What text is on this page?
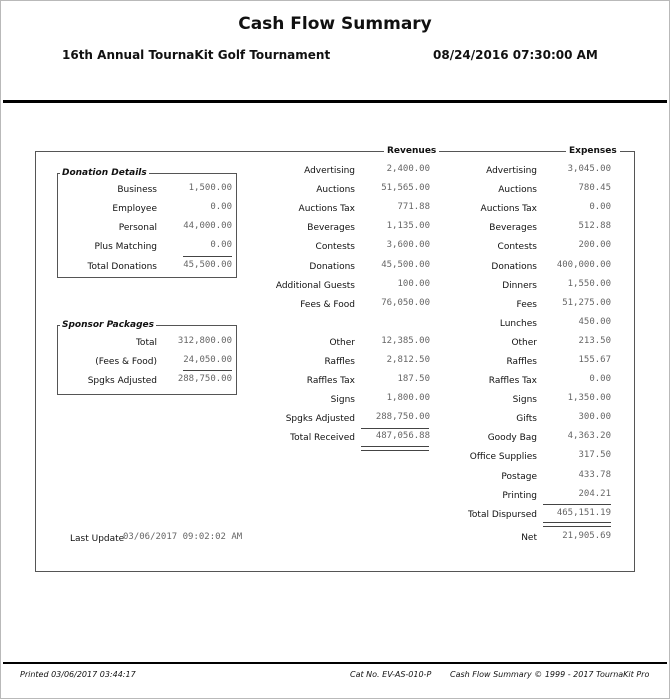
Cash Flow Summary
16th Annual TournaKit Golf Tournament	08/24/2016 07:30:00 AM
Revenues	Expenses
Donation Details
Business	1,500.00
Employee	0.00
Personal	44,000.00
Plus Matching	0.00
Total Donations	45,500.00
Sponsor Packages
Total	312,800.00
(Fees & Food)	24,050.00
Spgks Adjusted	288,750.00
Advertising	2,400.00
Auctions	51,565.00
Auctions Tax	771.88
Beverages	1,135.00
Contests	3,600.00
Donations	45,500.00
Additional Guests	100.00
Fees & Food	76,050.00
Other	12,385.00
Raffles	2,812.50
Raffles Tax	187.50
Signs	1,800.00
Spgks Adjusted	288,750.00
Total Received	487,056.88
Advertising	3,045.00
Auctions	780.45
Auctions Tax	0.00
Beverages	512.88
Contests	200.00
Donations	400,000.00
Dinners	1,550.00
Fees	51,275.00
Lunches	450.00
Other	213.50
Raffles	155.67
Raffles Tax	0.00
Signs	1,350.00
Gifts	300.00
Goody Bag	4,363.20
Office Supplies	317.50
Postage	433.78
Printing	204.21
Total Dispursed	465,151.19
Net	21,905.69
Last Update
03/06/2017 09:02:02 AM
Printed 03/06/2017 03:44:17	Cat No. EV-AS-010-P Cash Flow Summary © 1999 - 2017 TournaKit Pro
